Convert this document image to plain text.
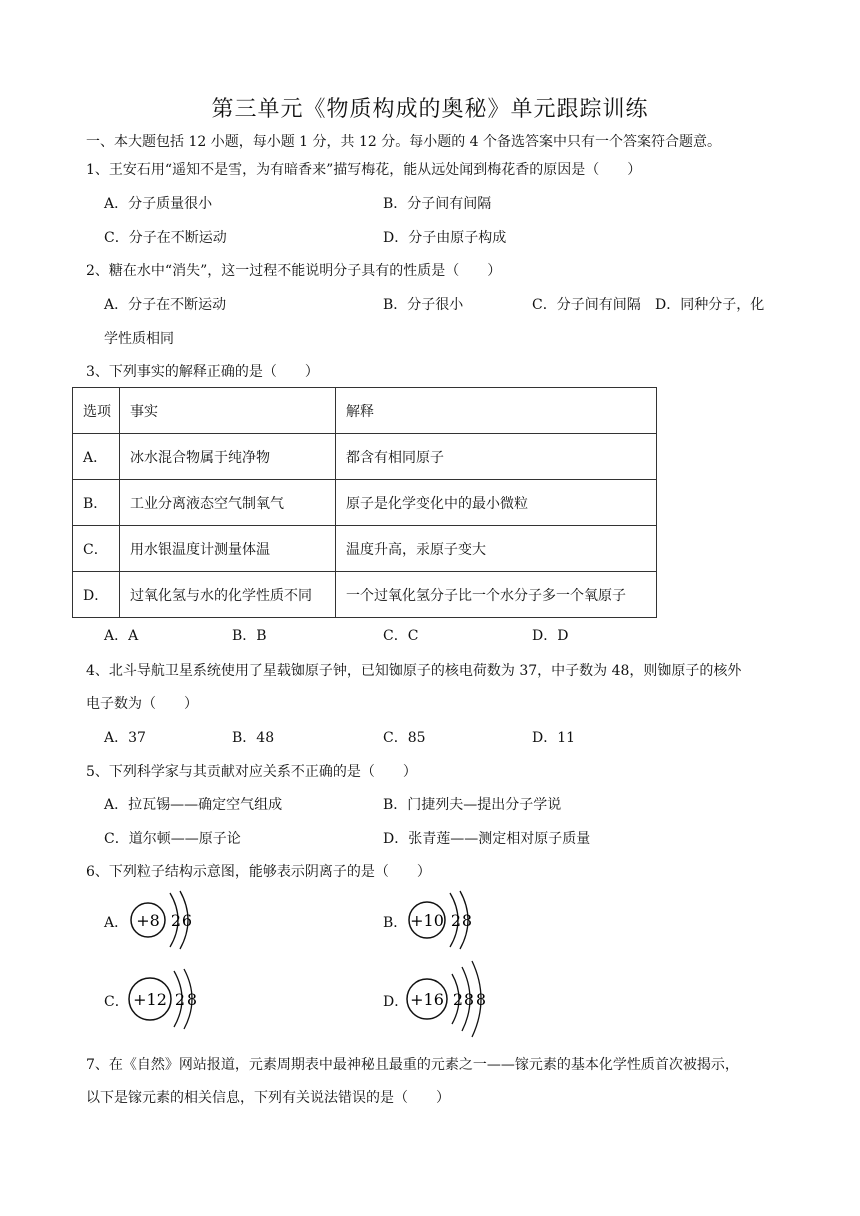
第三单元《物质构成的奥秘》单元跟踪训练
一、本大题包括 12 小题，每小题 1 分，共 12 分。每小题的 4 个备选答案中只有一个答案符合题意。
1、王安石用“遥知不是雪，为有暗香来”描写梅花，能从远处闻到梅花香的原因是（　　）
A．分子质量很小	B．分子间有间隔
C．分子在不断运动	D．分子由原子构成
2、糖在水中“消失”，这一过程不能说明分子具有的性质是（　　）
A．分子在不断运动	B．分子很小	C．分子间有间隔 D．同种分子，化
学性质相同
3、下列事实的解释正确的是（　　）
选项	事实	解释
A．	冰水混合物属于纯净物	都含有相同原子
B．	工业分离液态空气制氧气	原子是化学变化中的最小微粒
C．	用水银温度计测量体温	温度升高，汞原子变大
D．	过氧化氢与水的化学性质不同	一个过氧化氢分子比一个水分子多一个氧原子
A．A	B．B	C．C	D．D
4、北斗导航卫星系统使用了星载铷原子钟，已知铷原子的核电荷数为 37，中子数为 48，则铷原子的核外
电子数为（　　）
A．37	B．48	C．85	D．11
5、下列科学家与其贡献对应关系不正确的是（　　）
A．拉瓦锡——确定空气组成	B．门捷列夫—提出分子学说
C．道尔顿——原子论	D．张青莲——测定相对原子质量
6、下列粒子结构示意图，能够表示阴离子的是（　　）
A． +8 2 6	B． +10 2 8
C． +12 2 8	D． +16 2 8 8
7、在《自然》网站报道，元素周期表中最神秘且最重的元素之一——镓元素的基本化学性质首次被揭示，
以下是镓元素的相关信息，下列有关说法错误的是（　　）
